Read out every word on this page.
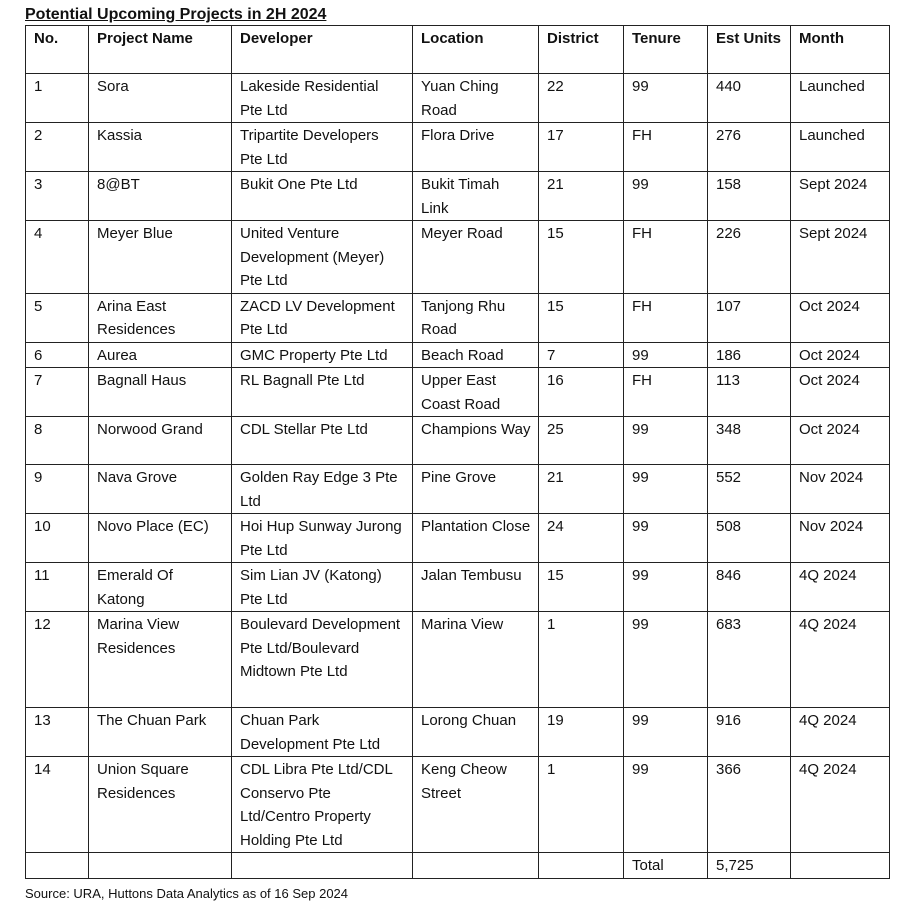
Potential Upcoming Projects in 2H 2024
No.	Project Name	Developer	Location	District	Tenure	Est Units	Month
1	Sora	Lakeside Residential Pte Ltd	Yuan Ching Road	22	99	440	Launched
2	Kassia	Tripartite Developers Pte Ltd	Flora Drive	17	FH	276	Launched
3	8@BT	Bukit One Pte Ltd	Bukit Timah Link	21	99	158	Sept 2024
4	Meyer Blue	United Venture Development (Meyer) Pte Ltd	Meyer Road	15	FH	226	Sept 2024
5	Arina East Residences	ZACD LV Development Pte Ltd	Tanjong Rhu Road	15	FH	107	Oct 2024
6	Aurea	GMC Property Pte Ltd	Beach Road	7	99	186	Oct 2024
7	Bagnall Haus	RL Bagnall Pte Ltd	Upper East Coast Road	16	FH	113	Oct 2024
8	Norwood Grand	CDL Stellar Pte Ltd	Champions Way	25	99	348	Oct 2024
9	Nava Grove	Golden Ray Edge 3 Pte Ltd	Pine Grove	21	99	552	Nov 2024
10	Novo Place (EC)	Hoi Hup Sunway Jurong Pte Ltd	Plantation Close	24	99	508	Nov 2024
11	Emerald Of Katong	Sim Lian JV (Katong) Pte Ltd	Jalan Tembusu	15	99	846	4Q 2024
12	Marina View Residences	Boulevard Development Pte Ltd/Boulevard Midtown Pte Ltd	Marina View	1	99	683	4Q 2024
13	The Chuan Park	Chuan Park Development Pte Ltd	Lorong Chuan	19	99	916	4Q 2024
14	Union Square Residences	CDL Libra Pte Ltd/CDL Conservo Pte Ltd/Centro Property Holding Pte Ltd	Keng Cheow Street	1	99	366	4Q 2024
					Total	5,725	
Source: URA, Huttons Data Analytics as of 16 Sep 2024
